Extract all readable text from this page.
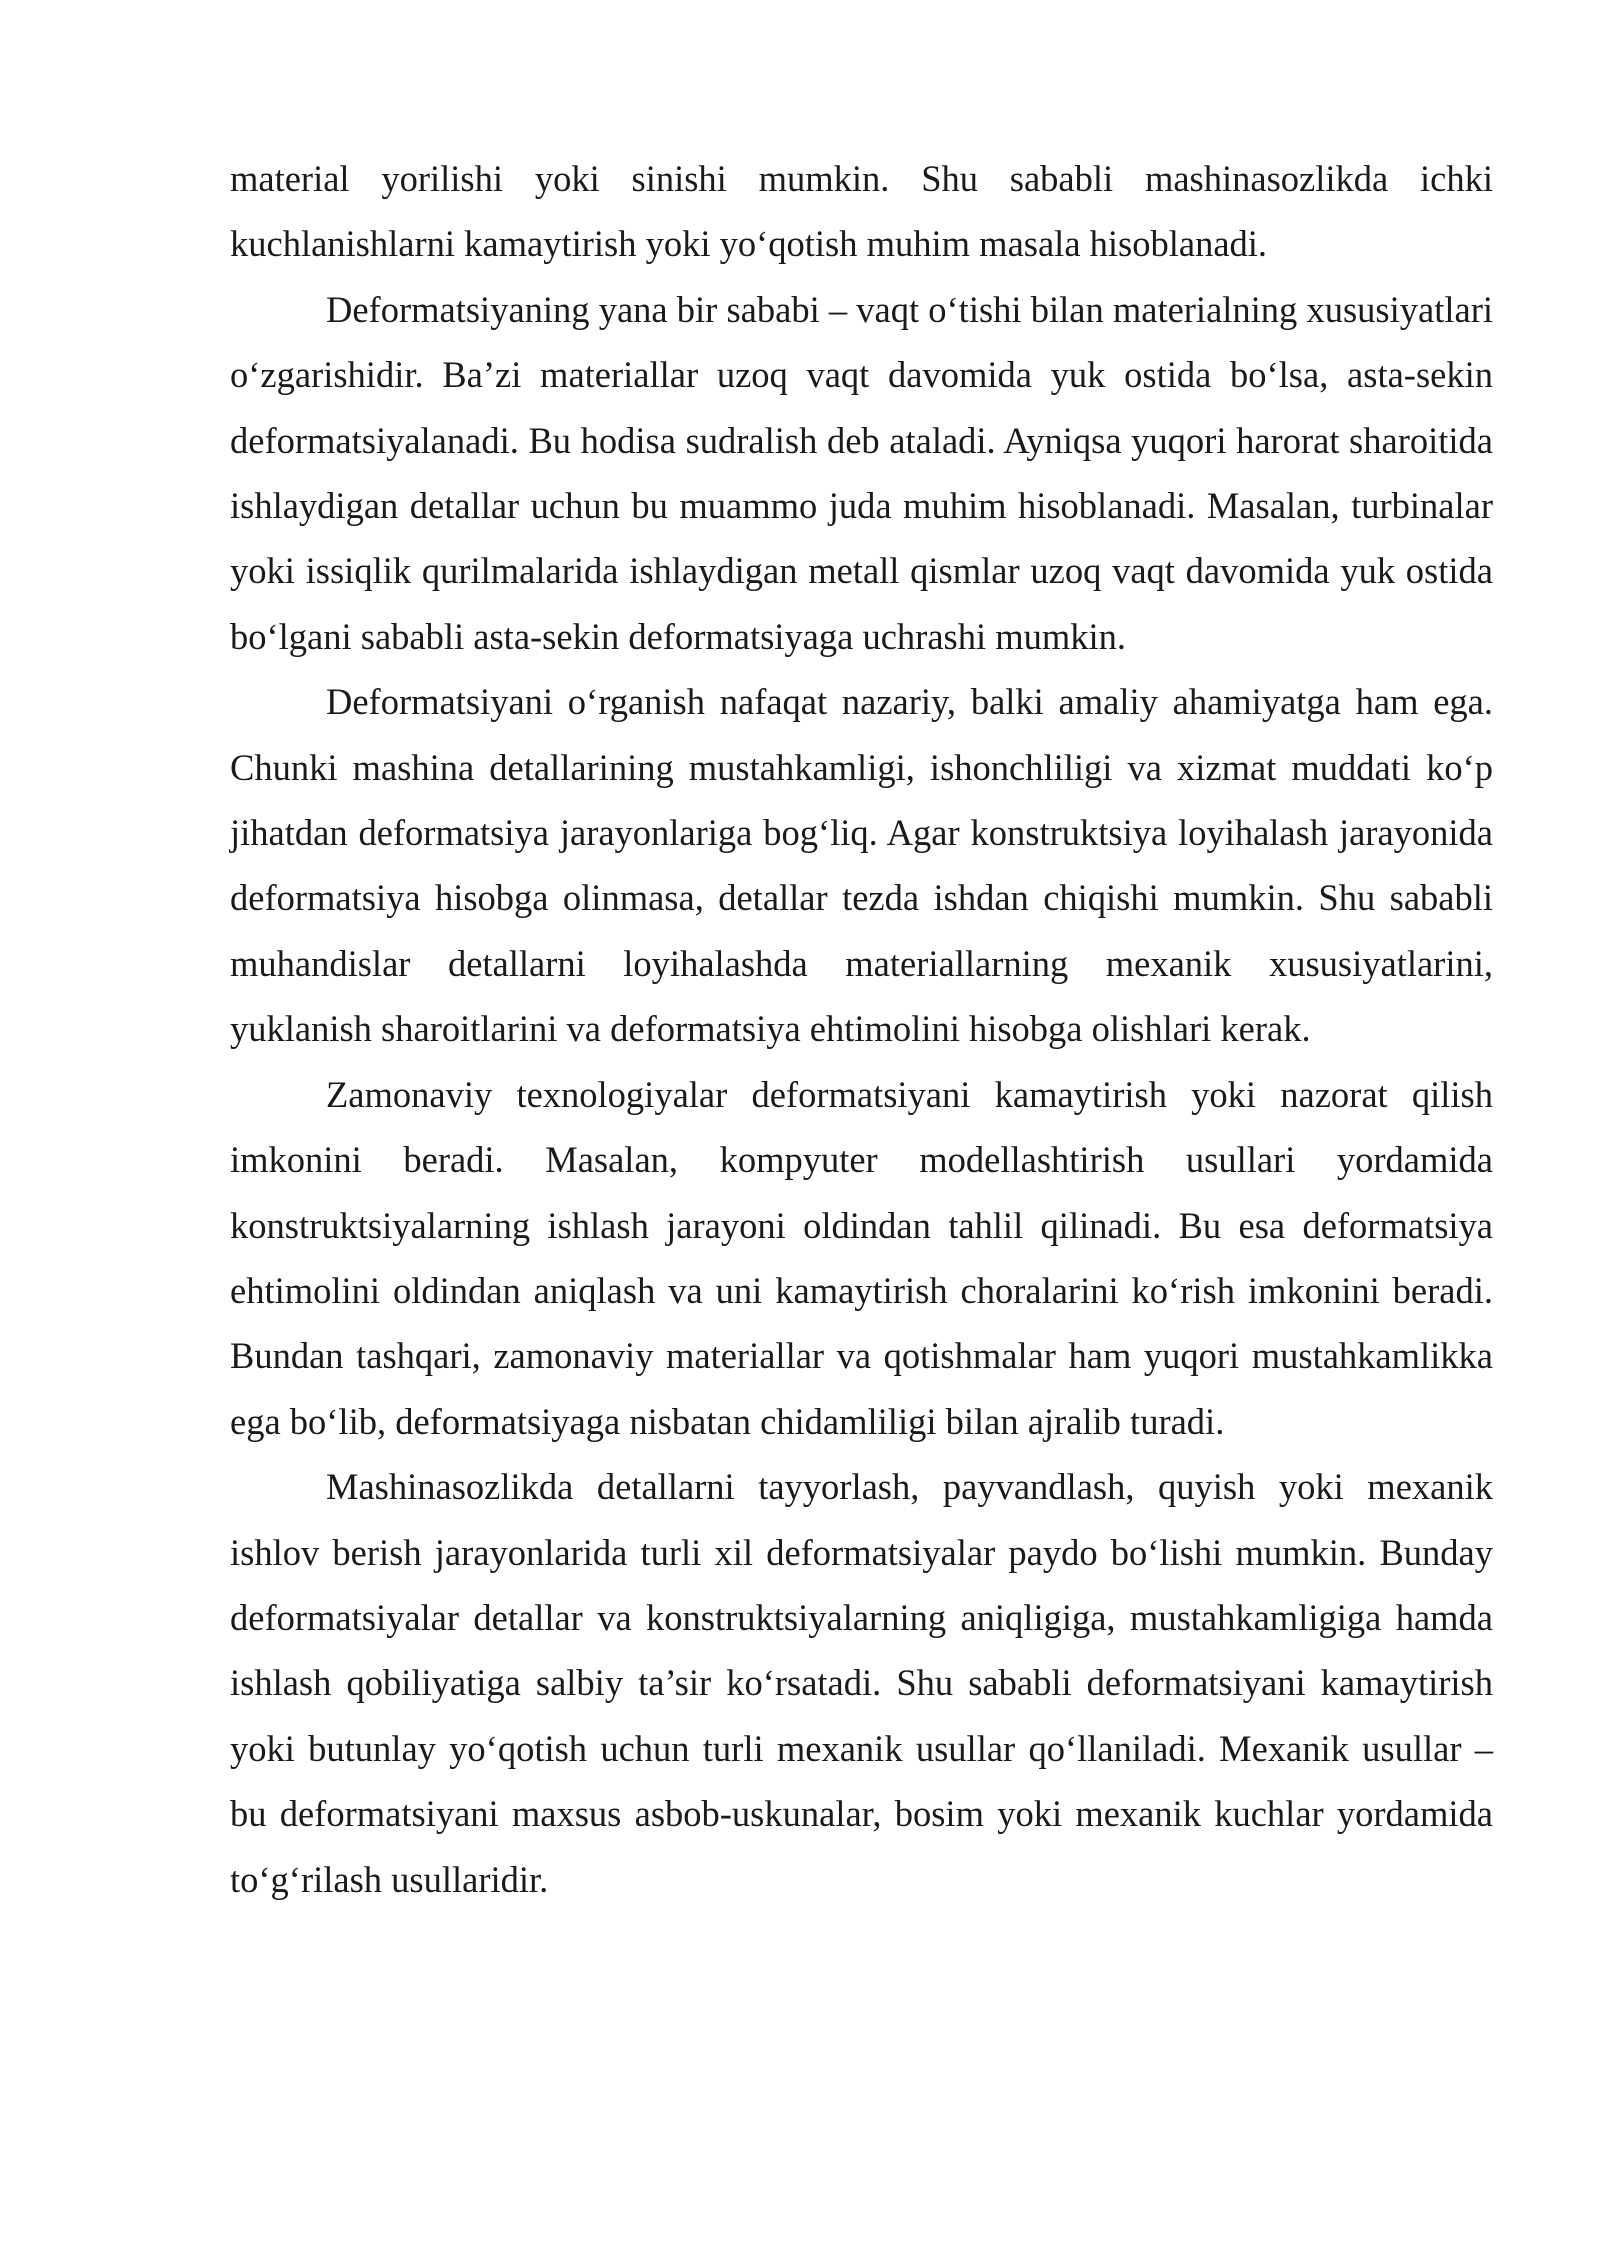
material yorilishi yoki sinishi mumkin. Shu sababli mashinasozlikda ichki kuchlanishlarni kamaytirish yoki yo‘qotish muhim masala hisoblanadi.

Deformatsiyaning yana bir sababi – vaqt o‘tishi bilan materialning xususiyatlari o‘zgarishidir. Ba’zi materiallar uzoq vaqt davomida yuk ostida bo‘lsa, asta-sekin deformatsiyalanadi. Bu hodisa sudralish deb ataladi. Ayniqsa yuqori harorat sharoitida ishlaydigan detallar uchun bu muammo juda muhim hisoblanadi. Masalan, turbinalar yoki issiqlik qurilmalarida ishlaydigan metall qismlar uzoq vaqt davomida yuk ostida bo‘lgani sababli asta-sekin deformatsiyaga uchrashi mumkin.

Deformatsiyani o‘rganish nafaqat nazariy, balki amaliy ahamiyatga ham ega. Chunki mashina detallarining mustahkamligi, ishonchliligi va xizmat muddati ko‘p jihatdan deformatsiya jarayonlariga bog‘liq. Agar konstruktsiya loyihalash jarayonida deformatsiya hisobga olinmasa, detallar tezda ishdan chiqishi mumkin. Shu sababli muhandislar detallarni loyihalashda materiallarning mexanik xususiyatlarini, yuklanish sharoitlarini va deformatsiya ehtimolini hisobga olishlari kerak.

Zamonaviy texnologiyalar deformatsiyani kamaytirish yoki nazorat qilish imkonini beradi. Masalan, kompyuter modellashtirish usullari yordamida konstruktsiyalarning ishlash jarayoni oldindan tahlil qilinadi. Bu esa deformatsiya ehtimolini oldindan aniqlash va uni kamaytirish choralarini ko‘rish imkonini beradi. Bundan tashqari, zamonaviy materiallar va qotishmalar ham yuqori mustahkamlikka ega bo‘lib, deformatsiyaga nisbatan chidamliligi bilan ajralib turadi.

Mashinasozlikda detallarni tayyorlash, payvandlash, quyish yoki mexanik ishlov berish jarayonlarida turli xil deformatsiyalar paydo bo‘lishi mumkin. Bunday deformatsiyalar detallar va konstruktsiyalarning aniqligiga, mustahkamligiga hamda ishlash qobiliyatiga salbiy ta’sir ko‘rsatadi. Shu sababli deformatsiyani kamaytirish yoki butunlay yo‘qotish uchun turli mexanik usullar qo‘llaniladi. Mexanik usullar – bu deformatsiyani maxsus asbob-uskunalar, bosim yoki mexanik kuchlar yordamida to‘g‘rilash usullaridir.
